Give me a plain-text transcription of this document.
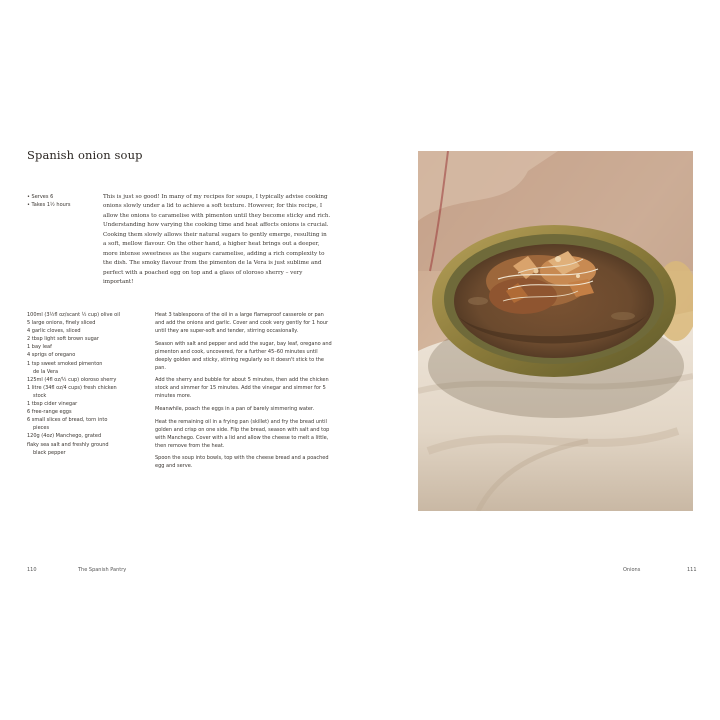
Spanish onion soup
• Serves 6
• Takes 1½ hours
This is just so good! In many of my recipes for soups, I typically advise cooking onions slowly under a lid to achieve a soft texture. However, for this recipe, I allow the onions to caramelise with pimenton until they become sticky and rich. Understanding how varying the cooking time and heat affects onions is crucial. Cooking them slowly allows their natural sugars to gently emerge, resulting in a soft, mellow flavour. On the other hand, a higher heat brings out a deeper, more intense sweetness as the sugars caramelise, adding a rich complexity to the dish. The smoky flavour from the pimenton de la Vera is just sublime and perfect with a poached egg on top and a glass of oloroso sherry – very important!
100ml (3½fl oz/scant ½ cup) olive oil
5 large onions, finely sliced
4 garlic cloves, sliced
2 tbsp light soft brown sugar
1 bay leaf
4 sprigs of oregano
1 tsp sweet smoked pimenton
de la Vera
125ml (4fl oz/½ cup) oloroso sherry
1 litre (34fl oz/4 cups) fresh chicken
stock
1 tbsp cider vinegar
6 free-range eggs
6 small slices of bread, torn into
pieces
120g (4oz) Manchego, grated
flaky sea salt and freshly ground
black pepper

Heat 3 tablespoons of the oil in a large flameproof casserole or pan and add the onions and garlic. Cover and cook very gently for 1 hour until they are super-soft and tender, stirring occasionally.

Season with salt and pepper and add the sugar, bay leaf, oregano and pimenton and cook, uncovered, for a further 45–60 minutes until deeply golden and sticky, stirring regularly so it doesn't stick to the pan.

Add the sherry and bubble for about 5 minutes, then add the chicken stock and simmer for 15 minutes. Add the vinegar and simmer for 5 minutes more.

Meanwhile, poach the eggs in a pan of barely simmering water.

Heat the remaining oil in a frying pan (skillet) and fry the bread until golden and crisp on one side. Flip the bread, season with salt and top with Manchego. Cover with a lid and allow the cheese to melt a little, then remove from the heat.

Spoon the soup into bowls, top with the cheese bread and a poached egg and serve.

110	The Spanish Pantry	Onions	111
